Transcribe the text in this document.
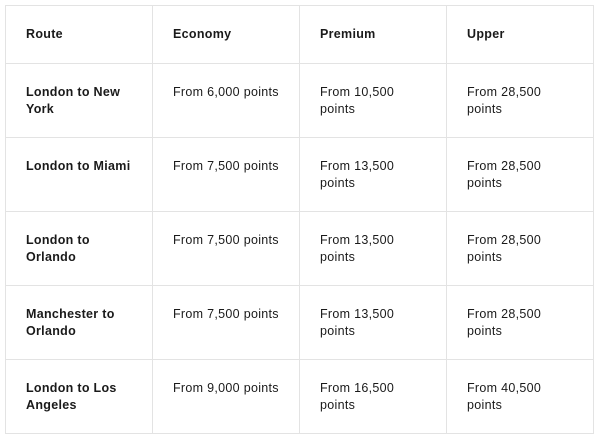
Route	Economy	Premium	Upper
London to New York	From 6,000 points	From 10,500 points	From 28,500 points
London to Miami	From 7,500 points	From 13,500 points	From 28,500 points
London to Orlando	From 7,500 points	From 13,500 points	From 28,500 points
Manchester to Orlando	From 7,500 points	From 13,500 points	From 28,500 points
London to Los Angeles	From 9,000 points	From 16,500 points	From 40,500 points
